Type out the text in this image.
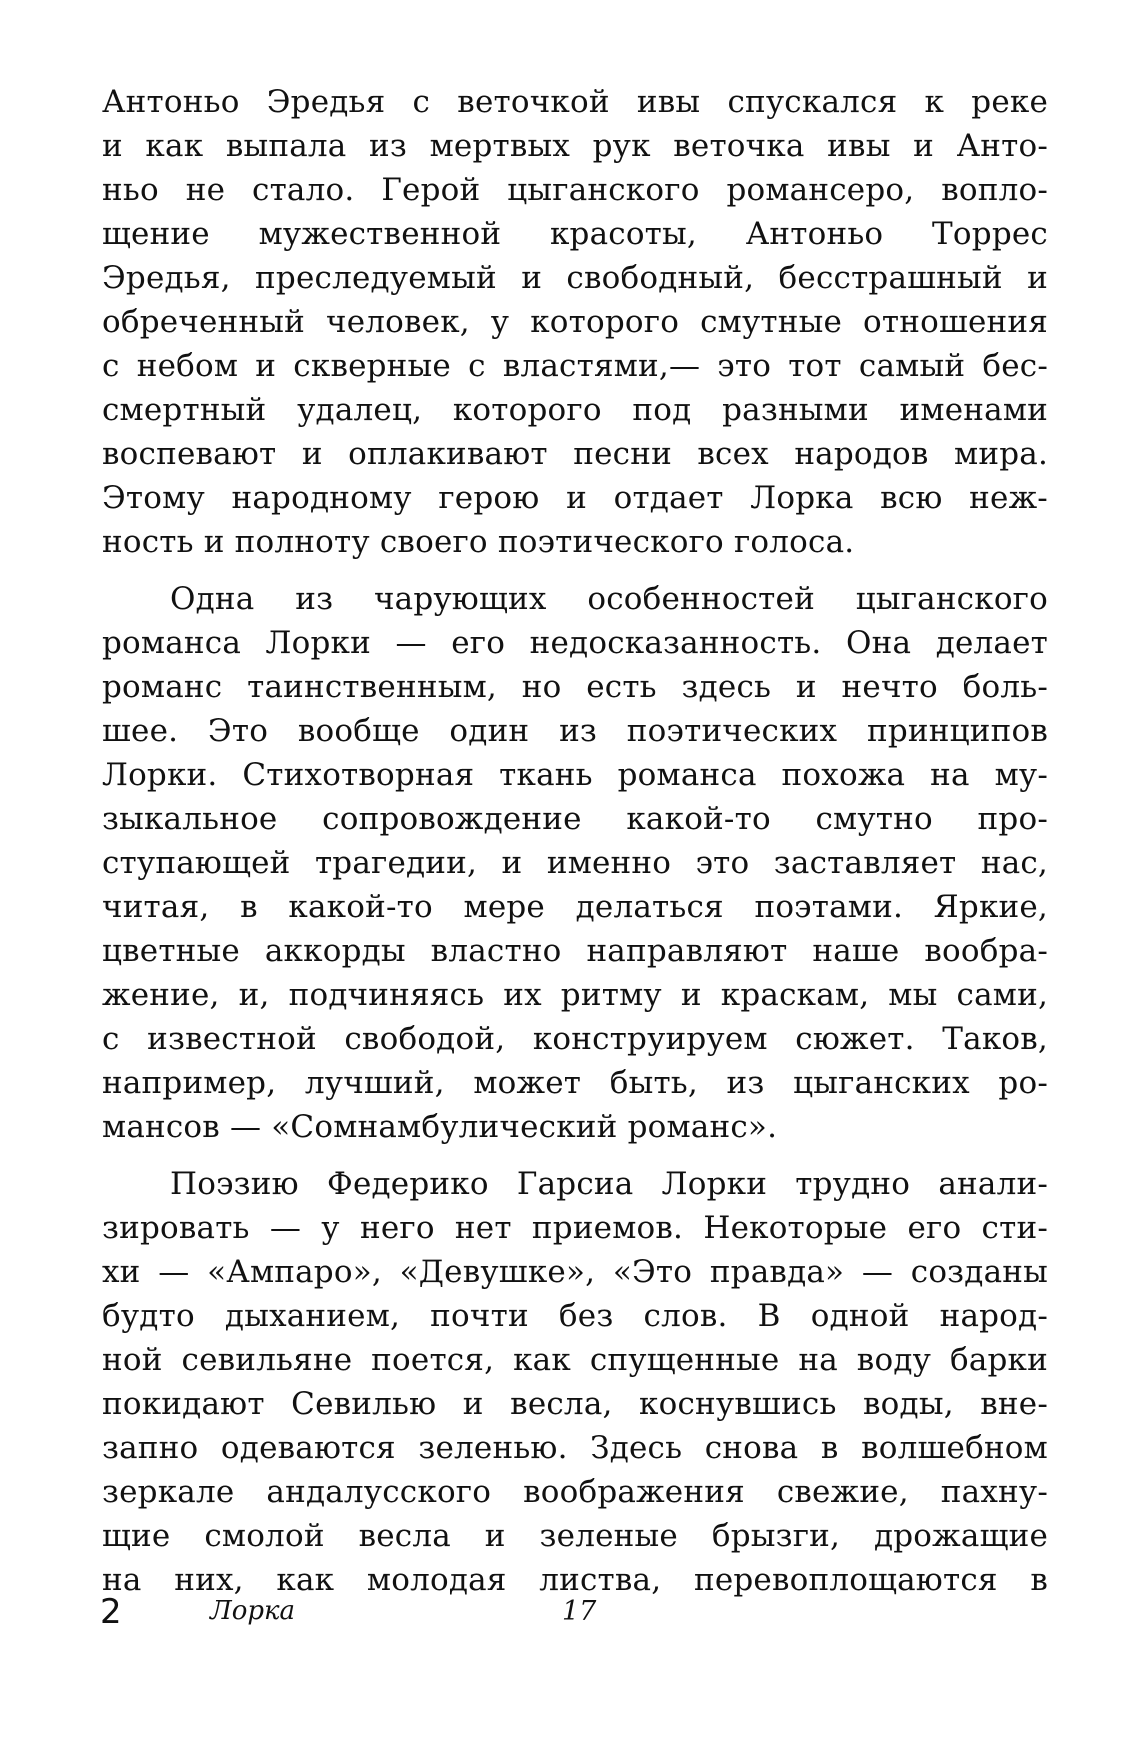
Антоньо Эредья с веточкой ивы спускался к реке
и как выпала из мертвых рук веточка ивы и Анто-
ньо не стало. Герой цыганского романсеро, вопло-
щение мужественной красоты, Антоньо Торрес
Эредья, преследуемый и свободный, бесстрашный и
обреченный человек, у которого смутные отношения
с небом и скверные с властями,— это тот самый бес-
смертный удалец, которого под разными именами
воспевают и оплакивают песни всех народов мира.
Этому народному герою и отдает Лорка всю неж-
ность и полноту своего поэтического голоса.
Одна из чарующих особенностей цыганского
романса Лорки — его недосказанность. Она делает
романс таинственным, но есть здесь и нечто боль-
шее. Это вообще один из поэтических принципов
Лорки. Стихотворная ткань романса похожа на му-
зыкальное сопровождение какой-то смутно про-
ступающей трагедии, и именно это заставляет нас,
читая, в какой-то мере делаться поэтами. Яркие,
цветные аккорды властно направляют наше вообра-
жение, и, подчиняясь их ритму и краскам, мы сами,
с известной свободой, конструируем сюжет. Таков,
например, лучший, может быть, из цыганских ро-
мансов — «Сомнамбулический романс».
Поэзию Федерико Гарсиа Лорки трудно анали-
зировать — у него нет приемов. Некоторые его сти-
хи — «Ампаро», «Девушке», «Это правда» — созданы
будто дыханием, почти без слов. В одной народ-
ной севильяне поется, как спущенные на воду барки
покидают Севилью и весла, коснувшись воды, вне-
запно одеваются зеленью. Здесь снова в волшебном
зеркале андалусского воображения свежие, пахну-
щие смолой весла и зеленые брызги, дрожащие
на них, как молодая листва, перевоплощаются в
2	Лорка	17
